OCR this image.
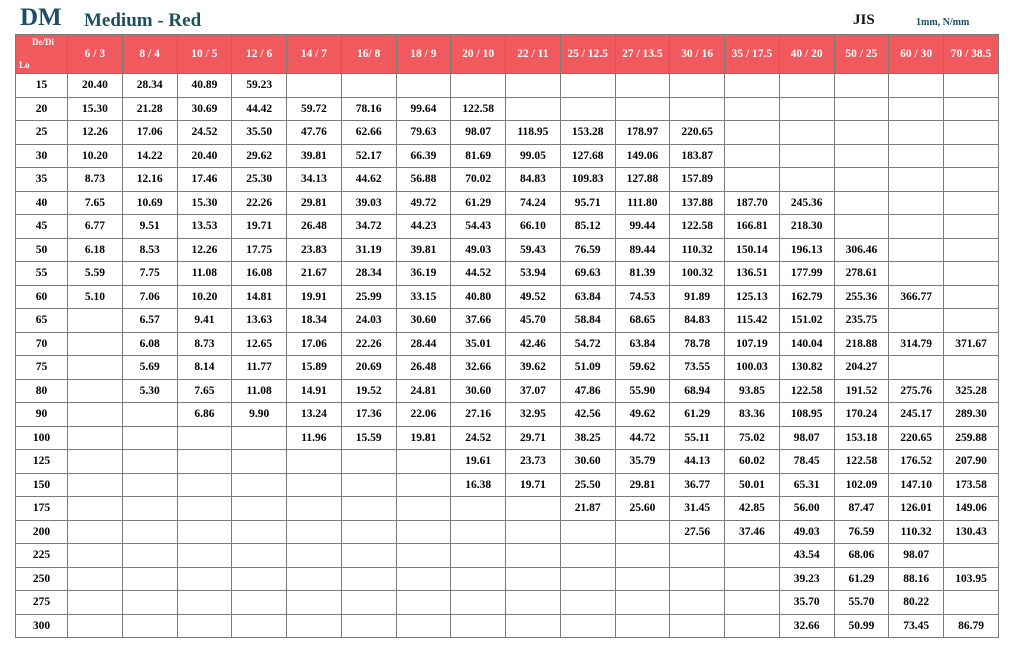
DM Medium - Red	JIS	1mm, N/mm
De/Di
Lo	6 / 3	8 / 4	10 / 5	12 / 6	14 / 7	16/ 8	18 / 9	20 / 10	22 / 11	25 / 12.5	27 / 13.5	30 / 16	35 / 17.5	40 / 20	50 / 25	60 / 30	70 / 38.5
15	20.40	28.34	40.89	59.23													
20	15.30	21.28	30.69	44.42	59.72	78.16	99.64	122.58									
25	12.26	17.06	24.52	35.50	47.76	62.66	79.63	98.07	118.95	153.28	178.97	220.65					
30	10.20	14.22	20.40	29.62	39.81	52.17	66.39	81.69	99.05	127.68	149.06	183.87					
35	8.73	12.16	17.46	25.30	34.13	44.62	56.88	70.02	84.83	109.83	127.88	157.89					
40	7.65	10.69	15.30	22.26	29.81	39.03	49.72	61.29	74.24	95.71	111.80	137.88	187.70	245.36			
45	6.77	9.51	13.53	19.71	26.48	34.72	44.23	54.43	66.10	85.12	99.44	122.58	166.81	218.30			
50	6.18	8.53	12.26	17.75	23.83	31.19	39.81	49.03	59.43	76.59	89.44	110.32	150.14	196.13	306.46		
55	5.59	7.75	11.08	16.08	21.67	28.34	36.19	44.52	53.94	69.63	81.39	100.32	136.51	177.99	278.61		
60	5.10	7.06	10.20	14.81	19.91	25.99	33.15	40.80	49.52	63.84	74.53	91.89	125.13	162.79	255.36	366.77	
65		6.57	9.41	13.63	18.34	24.03	30.60	37.66	45.70	58.84	68.65	84.83	115.42	151.02	235.75		
70		6.08	8.73	12.65	17.06	22.26	28.44	35.01	42.46	54.72	63.84	78.78	107.19	140.04	218.88	314.79	371.67
75		5.69	8.14	11.77	15.89	20.69	26.48	32.66	39.62	51.09	59.62	73.55	100.03	130.82	204.27		
80		5.30	7.65	11.08	14.91	19.52	24.81	30.60	37.07	47.86	55.90	68.94	93.85	122.58	191.52	275.76	325.28
90			6.86	9.90	13.24	17.36	22.06	27.16	32.95	42.56	49.62	61.29	83.36	108.95	170.24	245.17	289.30
100					11.96	15.59	19.81	24.52	29.71	38.25	44.72	55.11	75.02	98.07	153.18	220.65	259.88
125								19.61	23.73	30.60	35.79	44.13	60.02	78.45	122.58	176.52	207.90
150								16.38	19.71	25.50	29.81	36.77	50.01	65.31	102.09	147.10	173.58
175										21.87	25.60	31.45	42.85	56.00	87.47	126.01	149.06
200												27.56	37.46	49.03	76.59	110.32	130.43
225														43.54	68.06	98.07	
250														39.23	61.29	88.16	103.95
275														35.70	55.70	80.22	
300														32.66	50.99	73.45	86.79
